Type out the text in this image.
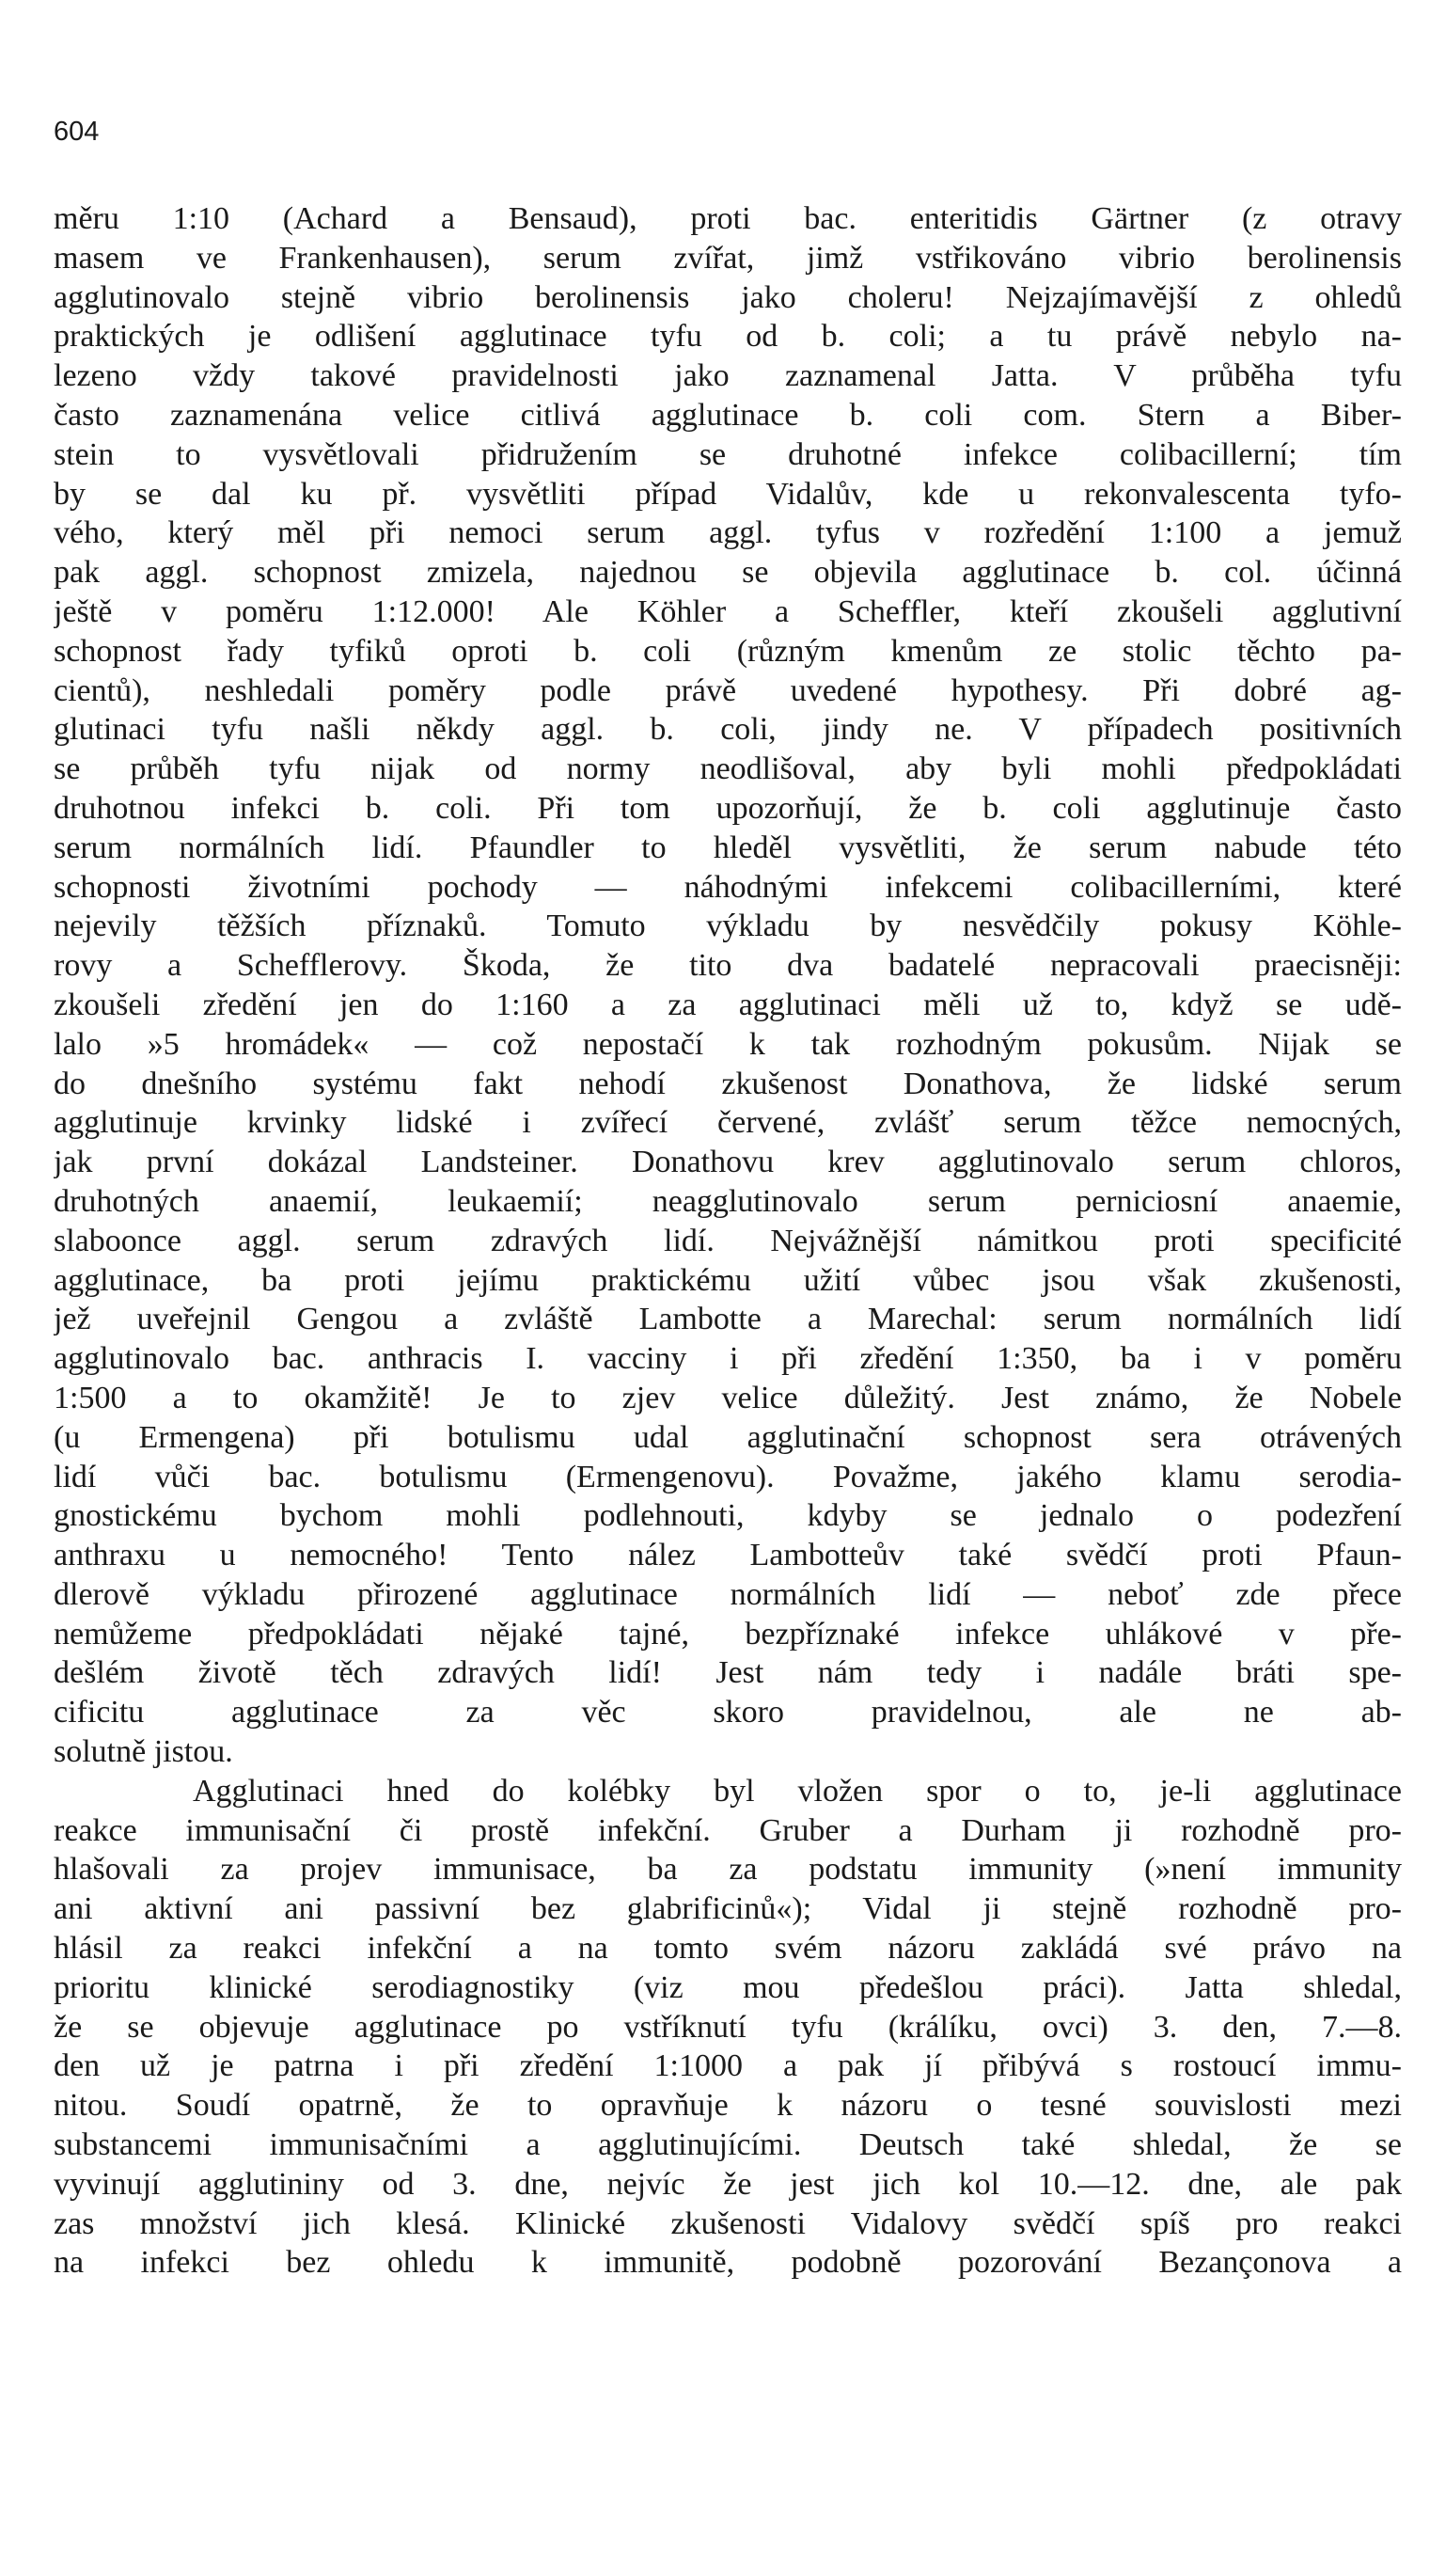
604
měru 1:10 (Achard a Bensaud), proti bac. enteritidis Gärtner (z otravy
masem ve Frankenhausen), serum zvířat, jimž vstřikováno vibrio berolinensis
agglutinovalo stejně vibrio berolinensis jako choleru! Nejzajímavější z ohledů
praktických je odlišení agglutinace tyfu od b. coli; a tu právě nebylo na-
lezeno vždy takové pravidelnosti jako zaznamenal Jatta. V průběha tyfu
často zaznamenána velice citlivá agglutinace b. coli com. Stern a Biber-
stein to vysvětlovali přidružením se druhotné infekce colibacillerní; tím
by se dal ku př. vysvětliti případ Vidalův, kde u rekonvalescenta tyfo-
vého, který měl při nemoci serum aggl. tyfus v rozředění 1:100 a jemuž
pak aggl. schopnost zmizela, najednou se objevila agglutinace b. col. účinná
ještě v poměru 1:12.000! Ale Köhler a Scheffler, kteří zkoušeli agglutivní
schopnost řady tyfiků oproti b. coli (různým kmenům ze stolic těchto pa-
cientů), neshledali poměry podle právě uvedené hypothesy. Při dobré ag-
glutinaci tyfu našli někdy aggl. b. coli, jindy ne. V případech positivních
se průběh tyfu nijak od normy neodlišoval, aby byli mohli předpokládati
druhotnou infekci b. coli. Při tom upozorňují, že b. coli agglutinuje často
serum normálních lidí. Pfaundler to hleděl vysvětliti, že serum nabude této
schopnosti životními pochody — náhodnými infekcemi colibacillerními, které
nejevily těžších příznaků. Tomuto výkladu by nesvědčily pokusy Köhle-
rovy a Schefflerovy. Škoda, že tito dva badatelé nepracovali praecisněji:
zkoušeli zředění jen do 1:160 a za agglutinaci měli už to, když se udě-
lalo »5 hromádek« — což nepostačí k tak rozhodným pokusům. Nijak se
do dnešního systému fakt nehodí zkušenost Donathova, že lidské serum
agglutinuje krvinky lidské i zvířecí červené, zvlášť serum těžce nemocných,
jak první dokázal Landsteiner. Donathovu krev agglutinovalo serum chloros,
druhotných anaemií, leukaemií; neagglutinovalo serum perniciosní anaemie,
slaboonce aggl. serum zdravých lidí. Nejvážnější námitkou proti specificité
agglutinace, ba proti jejímu praktickému užití vůbec jsou však zkušenosti,
jež uveřejnil Gengou a zvláště Lambotte a Marechal: serum normálních lidí
agglutinovalo bac. anthracis I. vacciny i při zředění 1:350, ba i v poměru
1:500 a to okamžitě! Je to zjev velice důležitý. Jest známo, že Nobele
(u Ermengena) při botulismu udal agglutinační schopnost sera otrávených
lidí vůči bac. botulismu (Ermengenovu). Považme, jakého klamu serodia-
gnostickému bychom mohli podlehnouti, kdyby se jednalo o podezření
anthraxu u nemocného! Tento nález Lambotteův také svědčí proti Pfaun-
dlerově výkladu přirozené agglutinace normálních lidí — neboť zde přece
nemůžeme předpokládati nějaké tajné, bezpříznaké infekce uhlákové v pře-
dešlém životě těch zdravých lidí! Jest nám tedy i nadále bráti spe-
cificitu agglutinace za věc skoro pravidelnou, ale ne ab-
solutně jistou.
Agglutinaci hned do kolébky byl vložen spor o to, je-li agglutinace
reakce immunisační či prostě infekční. Gruber a Durham ji rozhodně pro-
hlašovali za projev immunisace, ba za podstatu immunity (»není immunity
ani aktivní ani passivní bez glabrificinů«); Vidal ji stejně rozhodně pro-
hlásil za reakci infekční a na tomto svém názoru zakládá své právo na
prioritu klinické serodiagnostiky (viz mou předešlou práci). Jatta shledal,
že se objevuje agglutinace po vstříknutí tyfu (králíku, ovci) 3. den, 7.—8.
den už je patrna i při zředění 1:1000 a pak jí přibývá s rostoucí immu-
nitou. Soudí opatrně, že to opravňuje k názoru o tesné souvislosti mezi
substancemi immunisačními a agglutinujícími. Deutsch také shledal, že se
vyvinují agglutininy od 3. dne, nejvíc že jest jich kol 10.—12. dne, ale pak
zas množství jich klesá. Klinické zkušenosti Vidalovy svědčí spíš pro reakci
na infekci bez ohledu k immunitě, podobně pozorování Bezançonova a
